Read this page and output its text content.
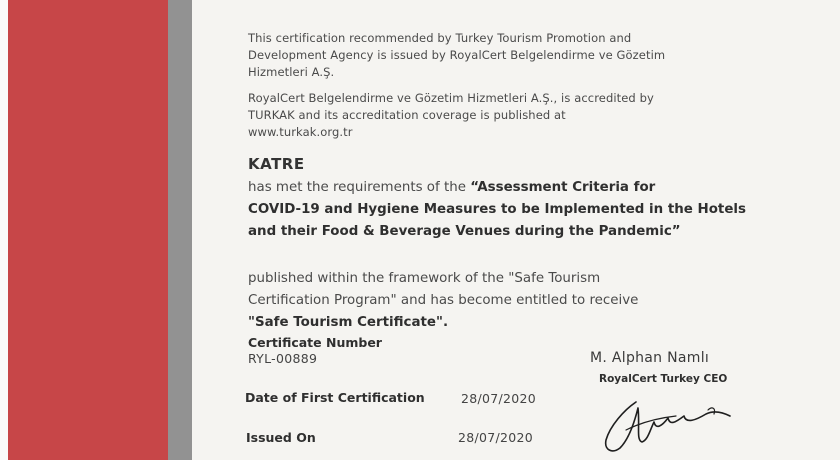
This certification recommended by Turkey Tourism Promotion and
Development Agency is issued by RoyalCert Belgelendirme ve Gözetim
Hizmetleri A.Ş.
RoyalCert Belgelendirme ve Gözetim Hizmetleri A.Ş., is accredited by
TURKAK and its accreditation coverage is published at
www.turkak.org.tr
KATRE
has met the requirements of the “Assessment Criteria for
COVID-19 and Hygiene Measures to be Implemented in the Hotels
and their Food & Beverage Venues during the Pandemic”
published within the framework of the "Safe Tourism
Certification Program" and has become entitled to receive
"Safe Tourism Certificate".
Certificate Number
RYL-00889
Date of First Certification	28/07/2020
Issued On	28/07/2020
M. Alphan Namlı
RoyalCert Turkey CEO
